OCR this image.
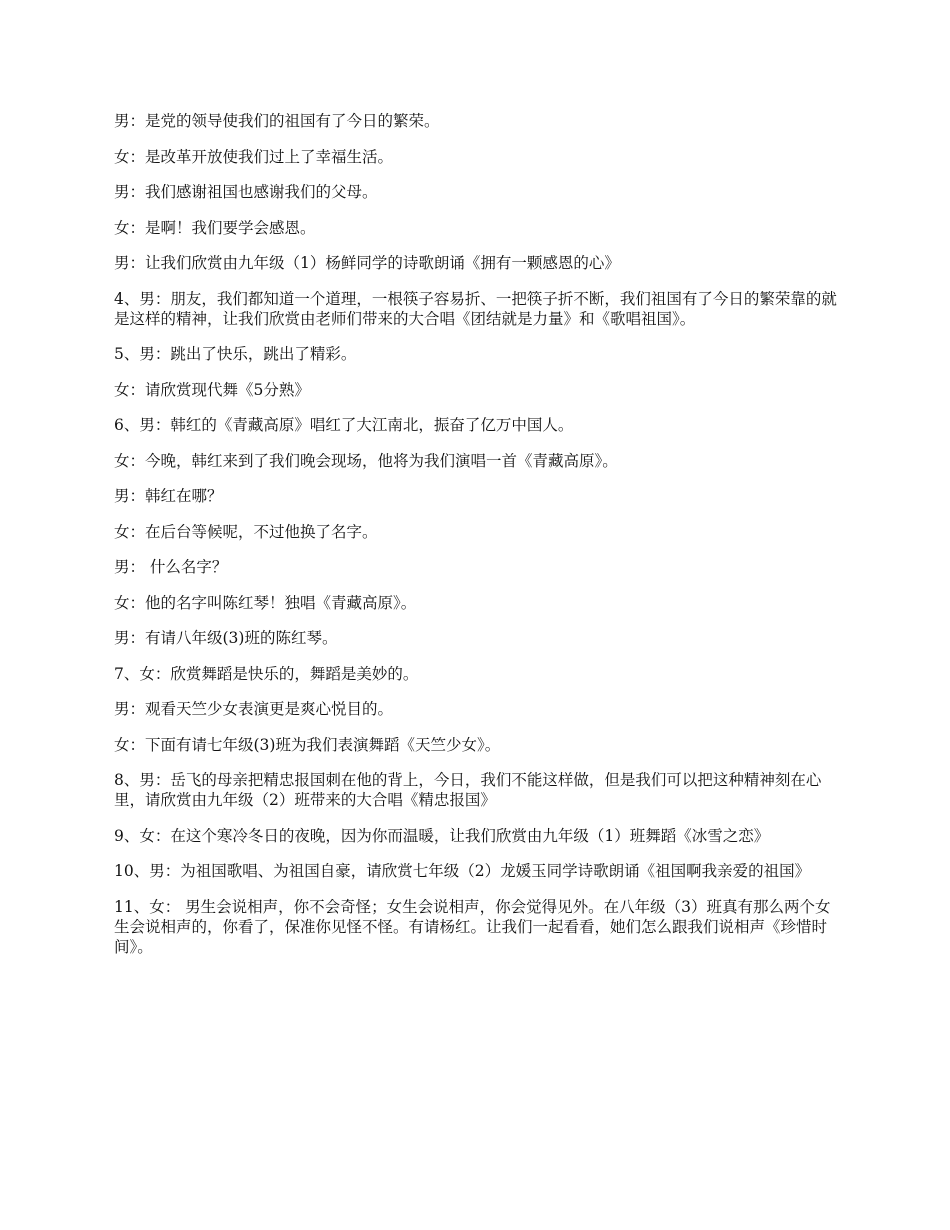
男：是党的领导使我们的祖国有了今日的繁荣。

女：是改革开放使我们过上了幸福生活。

男：我们感谢祖国也感谢我们的父母。

女：是啊！我们要学会感恩。

男：让我们欣赏由九年级（1）杨鲜同学的诗歌朗诵《拥有一颗感恩的心》

4、男：朋友，我们都知道一个道理，一根筷子容易折、一把筷子折不断，我们祖国有了今日的繁荣靠的就是这样的精神，让我们欣赏由老师们带来的大合唱《团结就是力量》和《歌唱祖国》。

5、男：跳出了快乐，跳出了精彩。

女：请欣赏现代舞《5分熟》

6、男：韩红的《青藏高原》唱红了大江南北，振奋了亿万中国人。

女：今晚，韩红来到了我们晚会现场，他将为我们演唱一首《青藏高原》。

男：韩红在哪？

女：在后台等候呢，不过他换了名字。

男： 什么名字？

女：他的名字叫陈红琴！独唱《青藏高原》。

男：有请八年级(3)班的陈红琴。

7、女：欣赏舞蹈是快乐的，舞蹈是美妙的。

男：观看天竺少女表演更是爽心悦目的。

女：下面有请七年级(3)班为我们表演舞蹈《天竺少女》。

8、男：岳飞的母亲把精忠报国刺在他的背上，今日，我们不能这样做，但是我们可以把这种精神刻在心里，请欣赏由九年级（2）班带来的大合唱《精忠报国》

9、女：在这个寒冷冬日的夜晚，因为你而温暖，让我们欣赏由九年级（1）班舞蹈《冰雪之恋》

10、男：为祖国歌唱、为祖国自豪，请欣赏七年级（2）龙媛玉同学诗歌朗诵《祖国啊我亲爱的祖国》

11、女： 男生会说相声，你不会奇怪；女生会说相声，你会觉得见外。在八年级（3）班真有那么两个女生会说相声的，你看了，保准你见怪不怪。有请杨红。让我们一起看看，她们怎么跟我们说相声《珍惜时间》。
